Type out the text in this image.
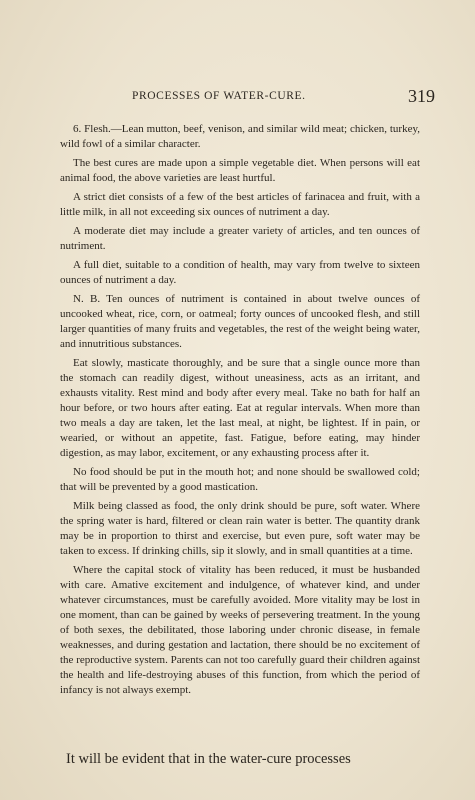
PROCESSES OF WATER-CURE.	319

6. Flesh.—Lean mutton, beef, venison, and similar wild meat; chicken, turkey, wild fowl of a similar character.

The best cures are made upon a simple vegetable diet. When persons will eat animal food, the above varieties are least hurtful.

A strict diet consists of a few of the best articles of farinacea and fruit, with a little milk, in all not exceeding six ounces of nutriment a day.

A moderate diet may include a greater variety of articles, and ten ounces of nutriment.

A full diet, suitable to a condition of health, may vary from twelve to sixteen ounces of nutriment a day.

N. B. Ten ounces of nutriment is contained in about twelve ounces of uncooked wheat, rice, corn, or oatmeal; forty ounces of uncooked flesh, and still larger quantities of many fruits and vegetables, the rest of the weight being water, and innutritious substances.

Eat slowly, masticate thoroughly, and be sure that a single ounce more than the stomach can readily digest, without uneasiness, acts as an irritant, and exhausts vitality. Rest mind and body after every meal. Take no bath for half an hour before, or two hours after eating. Eat at regular intervals. When more than two meals a day are taken, let the last meal, at night, be lightest. If in pain, or wearied, or without an appetite, fast. Fatigue, before eating, may hinder digestion, as may labor, excitement, or any exhausting process after it.

No food should be put in the mouth hot; and none should be swallowed cold; that will be prevented by a good mastication.

Milk being classed as food, the only drink should be pure, soft water. Where the spring water is hard, filtered or clean rain water is better. The quantity drank may be in proportion to thirst and exercise, but even pure, soft water may be taken to excess. If drinking chills, sip it slowly, and in small quantities at a time.

Where the capital stock of vitality has been reduced, it must be husbanded with care. Amative excitement and indulgence, of whatever kind, and under whatever circumstances, must be carefully avoided. More vitality may be lost in one moment, than can be gained by weeks of persevering treatment. In the young of both sexes, the debilitated, those laboring under chronic disease, in female weaknesses, and during gestation and lactation, there should be no excitement of the reproductive system. Parents can not too carefully guard their children against the health and life-destroying abuses of this function, from which the period of infancy is not always exempt.

It will be evident that in the water-cure processes
